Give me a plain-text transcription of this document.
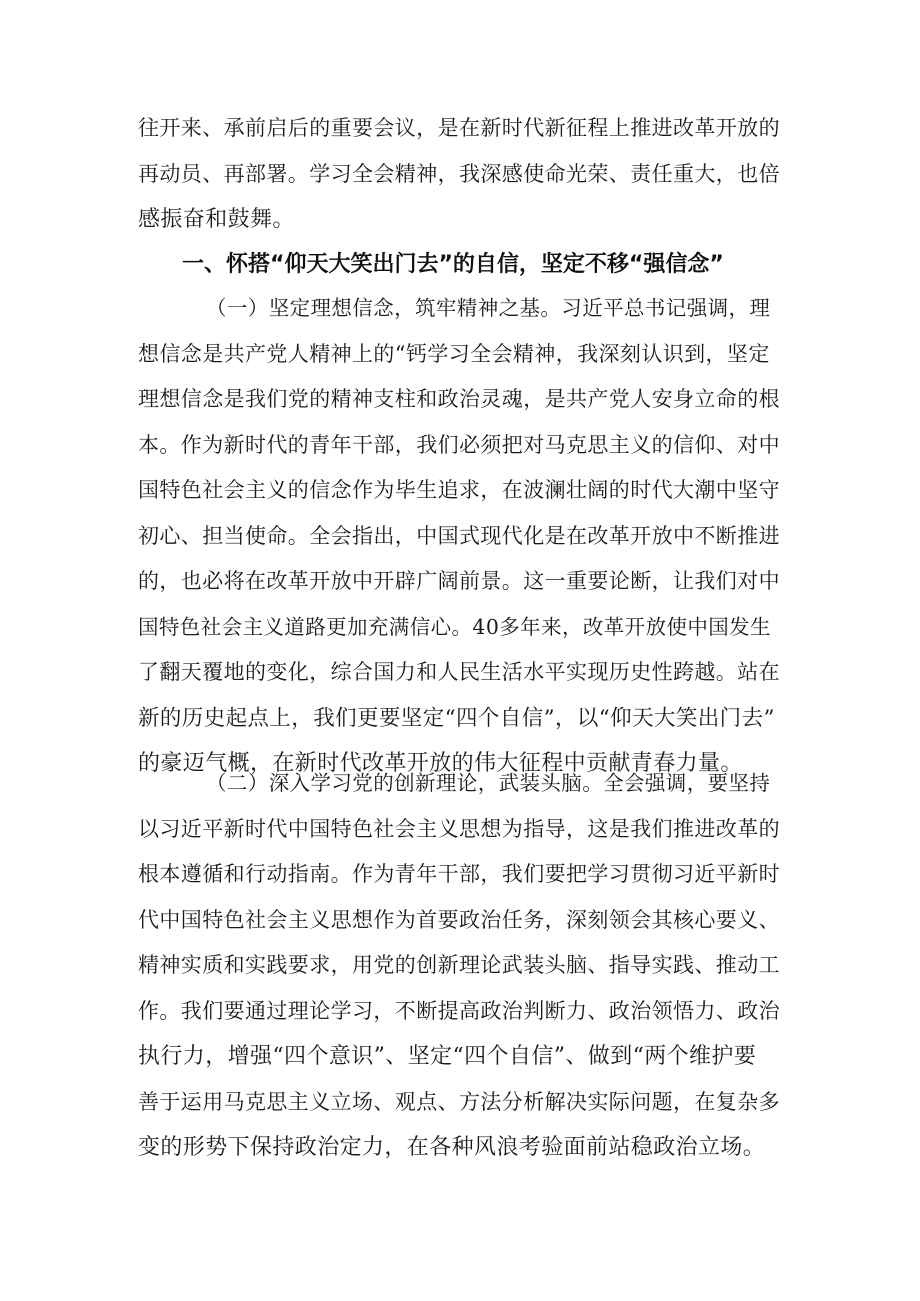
往开来、承前启后的重要会议，是在新时代新征程上推进改革开放的
再动员、再部署。学习全会精神，我深感使命光荣、责任重大，也倍
感振奋和鼓舞。
一、怀搭“仰天大笑出门去”的自信，坚定不移“强信念”
（一）坚定理想信念，筑牢精神之基。习近平总书记强调，理
想信念是共产党人精神上的“钙学习全会精神，我深刻认识到，坚定
理想信念是我们党的精神支柱和政治灵魂，是共产党人安身立命的根
本。作为新时代的青年干部，我们必须把对马克思主义的信仰、对中
国特色社会主义的信念作为毕生追求，在波澜壮阔的时代大潮中坚守
初心、担当使命。全会指出，中国式现代化是在改革开放中不断推进
的，也必将在改革开放中开辟广阔前景。这一重要论断，让我们对中
国特色社会主义道路更加充满信心。40多年来，改革开放使中国发生
了翻天覆地的变化，综合国力和人民生活水平实现历史性跨越。站在
新的历史起点上，我们更要坚定“四个自信”，以“仰天大笑出门去”
的豪迈气概，在新时代改革开放的伟大征程中贡献青春力量。
（二）深入学习党的创新理论，武装头脑。全会强调，要坚持
以习近平新时代中国特色社会主义思想为指导，这是我们推进改革的
根本遵循和行动指南。作为青年干部，我们要把学习贯彻习近平新时
代中国特色社会主义思想作为首要政治任务，深刻领会其核心要义、
精神实质和实践要求，用党的创新理论武装头脑、指导实践、推动工
作。我们要通过理论学习，不断提高政治判断力、政治领悟力、政治
执行力，增强“四个意识”、坚定“四个自信”、做到“两个维护要
善于运用马克思主义立场、观点、方法分析解决实际问题，在复杂多
变的形势下保持政治定力，在各种风浪考验面前站稳政治立场。
